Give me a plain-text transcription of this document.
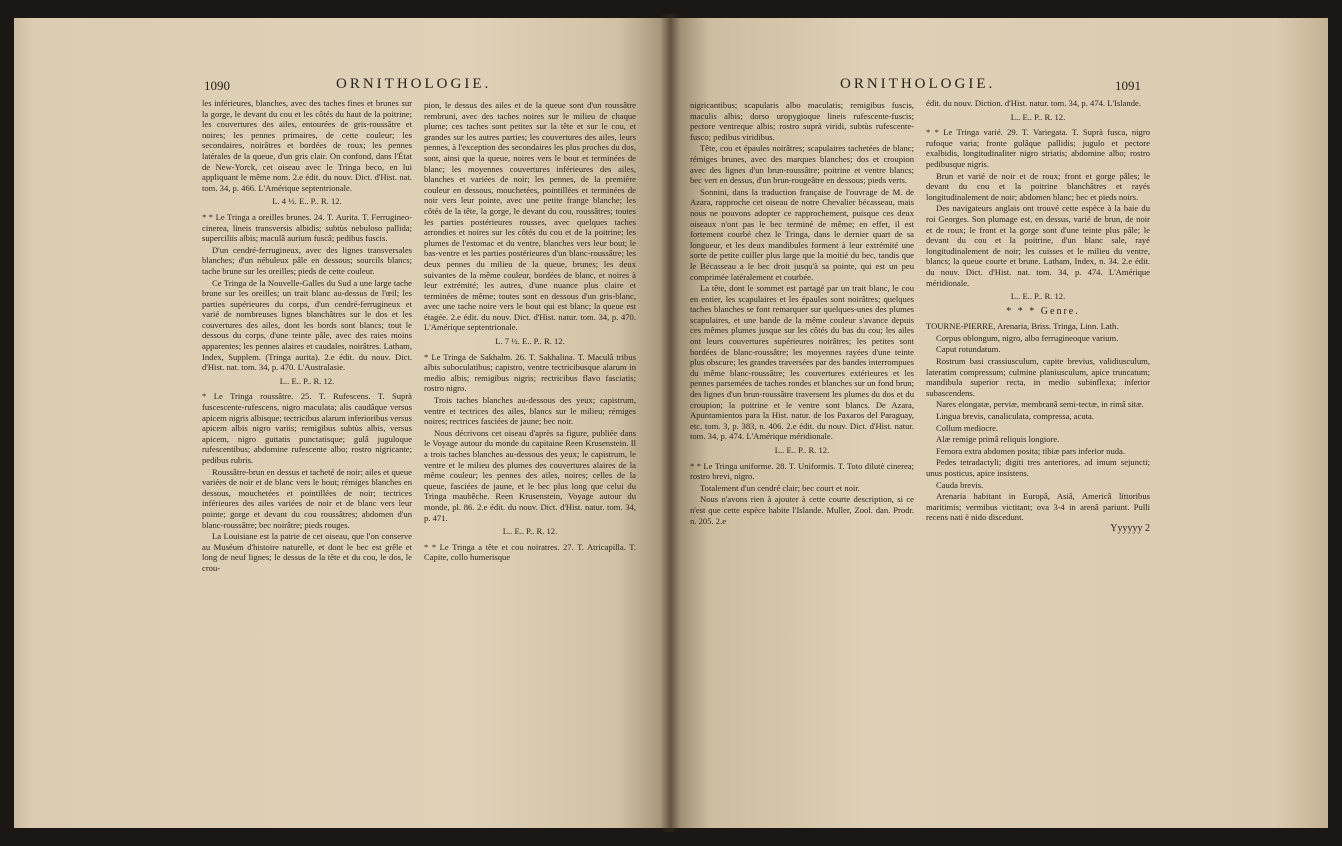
1090	ORNITHOLOGIE.

les inférieures, blanches, avec des taches fines et brunes sur la gorge, le devant du cou et les côtés du haut de la poitrine; les couvertures des ailes, entourées de gris-roussâtre et noires; les pennes primaires, de cette couleur; les secondaires, noirâtres et bordées de roux; les pennes latérales de la queue, d'un gris clair. On confond, dans l'État de New-Yorck, cet oiseau avec le Tringa beco, en lui appliquant le même nom. 2.e édit. du nouv. Dict. d'Hist. nat. tom. 34, p. 466. L'Amérique septentrionale.

L. 4 ½. E.. P.. R. 12.

* * Le Tringa a oreilles brunes. 24. T. Aurita. T. Ferrugineo-cinerea, lineis transversis albidis; subtùs nebuloso pallida; superciliis albis; maculâ aurium fuscâ; pedibus fuscis.

D'un cendré-ferrugineux, avec des lignes transversales blanches; d'un nébuleux pâle en dessous; sourcils blancs; tache brune sur les oreilles; pieds de cette couleur.

Ce Tringa de la Nouvelle-Galles du Sud a une large tache brune sur les oreilles; un trait blanc au-dessus de l'œil; les parties supérieures du corps, d'un cendré-ferrugineux et varié de nombreuses lignes blanchâtres sur le dos et les couvertures des ailes, dont les bords sont blancs; tout le dessous du corps, d'une teinte pâle, avec des raies moins apparentes; les pennes alaires et caudales, noirâtres. Latham, Index, Supplem. (Tringa aurita). 2.e édit. du nouv. Dict. d'Hist. nat. tom. 34, p. 470. L'Australasie.

L.. E.. P.. R. 12.

* Le Tringa roussâtre. 25. T. Rufescens. T. Suprà fuscescente-rufescens, nigro maculata; alis caudâque versus apicem nigris albisque; tectricibus alarum inferioribus versus apicem albis nigro variis; remigibus subtùs albis, versus apicem, nigro guttatis punctatisque; gulâ juguloque rufescentibus; abdomine rufescente albo; rostro nigricante; pedibus rubris.

Roussâtre-brun en dessus et tacheté de noir; ailes et queue variées de noir et de blanc vers le bout; rémiges blanches en dessous, mouchetées et pointillées de noir; tectrices inférieures des ailes variées de noir et de blanc vers leur pointe; gorge et devant du cou roussâtres; abdomen d'un blanc-roussâtre; bec noirâtre; pieds rouges.

La Louisiane est la patrie de cet oiseau, que l'on conserve au Muséum d'histoire naturelle, et dont le bec est grêle et long de neuf lignes; le dessus de la tête et du cou, le dos, le crou-

pion, le dessus des ailes et de la queue sont d'un roussâtre rembruni, avec des taches noires sur le milieu de chaque plume; ces taches sont petites sur la tête et sur le cou, et grandes sur les autres parties; les couvertures des ailes, leurs pennes, à l'exception des secondaires les plus proches du dos, sont, ainsi que la queue, noires vers le bout et terminées de blanc; les moyennes couvertures inférieures des ailes, blanches et variées de noir; les pennes, de la première couleur en dessous, mouchetées, pointillées et terminées de noir vers leur pointe, avec une petite frange blanche; les côtés de la tête, la gorge, le devant du cou, roussâtres; toutes les parties postérieures rousses, avec quelques taches arrondies et noires sur les côtés du cou et de la poitrine; les plumes de l'estomac et du ventre, blanches vers leur bout; le bas-ventre et les parties postérieures d'un blanc-roussâtre; les deux pennes du milieu de la queue, brunes; les deux suivantes de la même couleur, bordées de blanc, et noires à leur extrémité; les autres, d'une nuance plus claire et terminées de même; toutes sont en dessous d'un gris-blanc, avec une tache noire vers le bout qui est blanc; la queue est étagée. 2.e édit. du nouv. Dict. d'Hist. natur. tom. 34, p. 470. L'Amérique septentrionale.

L. 7 ½. E.. P.. R. 12.

* Le Tringa de Sakhalm. 26. T. Sakhalina. T. Maculâ tribus albis suboculatibus; capistro, ventre tectricibusque alarum in medio albis; remigibus nigris; rectricibus flavo fasciatis; rostro nigro.

Trois taches blanches au-dessous des yeux; capistrum, ventre et tectrices des ailes, blancs sur le milieu; rémiges noires; rectrices fasciées de jaune; bec noir.

Nous décrivons cet oiseau d'après sa figure, publiée dans le Voyage autour du monde du capitaine Reen Krusenstein. Il a trois taches blanches au-dessous des yeux; le capistrum, le ventre et le milieu des plumes des couvertures alaires de la même couleur; les pennes des ailes, noires; celles de la queue, fasciées de jaune, et le bec plus long que celui du Tringa maubêche. Reen Krusenstein, Voyage autour du monde, pl. 86. 2.e édit. du nouv. Dict. d'Hist. natur. tom. 34, p. 471.

L.. E.. P.. R. 12.

* * Le Tringa a tête et cou noiratres. 27. T. Atricapilla. T. Capite, collo humerisque

ORNITHOLOGIE.	1091

nigricantibus; scapularis albo maculatis; remigibus fuscis, maculis albis; dorso uropygioque lineis rufescente-fuscis; pectore ventreque albis; rostro suprà viridi, subtùs rufescente-fusco; pedibus viridibus.

Tête, cou et épaules noirâtres; scapulaires tachetées de blanc; rémiges brunes, avec des marques blanches; dos et croupion avec des lignes d'un brun-roussâtre; poitrine et ventre blancs; bec vert en dessus, d'un brun-rougeâtre en dessous; pieds verts.

Sonnini, dans la traduction française de l'ouvrage de M. de Azara, rapproche cet oiseau de notre Chevalier bécasseau, mais nous ne pouvons adopter ce rapprochement, puisque ces deux oiseaux n'ont pas le bec terminé de même; en effet, il est fortement courbé chez le Tringa, dans le dernier quart de sa longueur, et les deux mandibules forment à leur extrémité une sorte de petite cuiller plus large que la moitié du bec, tandis que le Bécasseau a le bec droit jusqu'à sa pointe, qui est un peu comprimée latéralement et courbée.

La tête, dont le sommet est partagé par un trait blanc, le cou en entier, les scapulaires et les épaules sont noirâtres; quelques taches blanches se font remarquer sur quelques-unes des plumes scapulaires, et une bande de la même couleur s'avance depuis ces mêmes plumes jusque sur les côtés du bas du cou; les ailes ont leurs couvertures supérieures noirâtres; les petites sont bordées de blanc-roussâtre; les moyennes rayées d'une teinte plus obscure; les grandes traversées par des bandes interrompues du même blanc-roussâtre; les couvertures extérieures et les pennes parsemées de taches rondes et blanches sur un fond brun; des lignes d'un brun-roussâtre traversent les plumes du dos et du croupion; la poitrine et le ventre sont blancs. De Azara, Apuntamientos para la Hist. natur. de los Paxaros del Paraguay, etc. tom. 3, p. 383, n. 406. 2.e édit. du nouv. Dict. d'Hist. natur. tom. 34, p. 474. L'Amérique méridionale.

L.. E.. P.. R. 12.

* * Le Tringa uniforme. 28. T. Uniformis. T. Toto dilutè cinerea; rostro brevi, nigro.

Totalement d'un cendré clair; bec court et noir.

Nous n'avons rien à ajouter à cette courte description, si ce n'est que cette espèce habite l'Islande. Muller, Zool. dan. Prodr. n. 205. 2.e

édit. du nouv. Diction. d'Hist. natur. tom. 34, p. 474. L'Islande.

L.. E.. P.. R. 12.

* * Le Tringa varié. 29. T. Variegata. T. Suprà fusca, nigro rufoque varia; fronte gulâque pallidis; jugulo et pectore exalbidis, longitudinaliter nigro striatis; abdomine albo; rostro pedibusque nigris.

Brun et varié de noir et de roux; front et gorge pâles; le devant du cou et la poitrine blanchâtres et rayés longitudinalement de noir; abdomen blanc; bec et pieds noirs.

Des navigateurs anglais ont trouvé cette espèce à la baie du roi Georges. Son plumage est, en dessus, varié de brun, de noir et de roux; le front et la gorge sont d'une teinte plus pâle; le devant du cou et la poitrine, d'un blanc sale, rayé longitudinalement de noir; les cuisses et le milieu du ventre, blancs; la queue courte et brune. Latham, Index, n. 34. 2.e édit. du nouv. Dict. d'Hist. nat. tom. 34, p. 474. L'Amérique méridionale.

L.. E.. P.. R. 12.

* * * Genre.

TOURNE-PIERRE, Arenaria, Briss. Tringa, Linn. Lath.

Corpus oblongum, nigro, albo ferrugineoque varium.

Caput rotundatum.

Rostrum basi crassiusculum, capite brevius, validiusculum, lateratim compressum; culmine planiusculum, apice truncatum; mandibula superior recta, in medio subinflexa; inferior subascendens.

Nares elongatæ, perviæ, membranâ semi-tectæ, in rimâ sitæ.

Lingua brevis, canaliculata, compressa, acuta.

Collum mediocre.

Alæ remige primâ reliquis longiore.

Femora extra abdomen posita; tibiæ pars inferior nuda.

Pedes tetradactyli; digiti tres anteriores, ad imum sejuncti; unus posticus, apice insistens.

Cauda brevis.

Arenaria habitant in Europâ, Asiâ, Americâ littoribus maritimis; vermibus victitant; ova 3-4 in arenâ pariunt. Pulli recens nati è nido discedunt.

Yyyyyy 2
